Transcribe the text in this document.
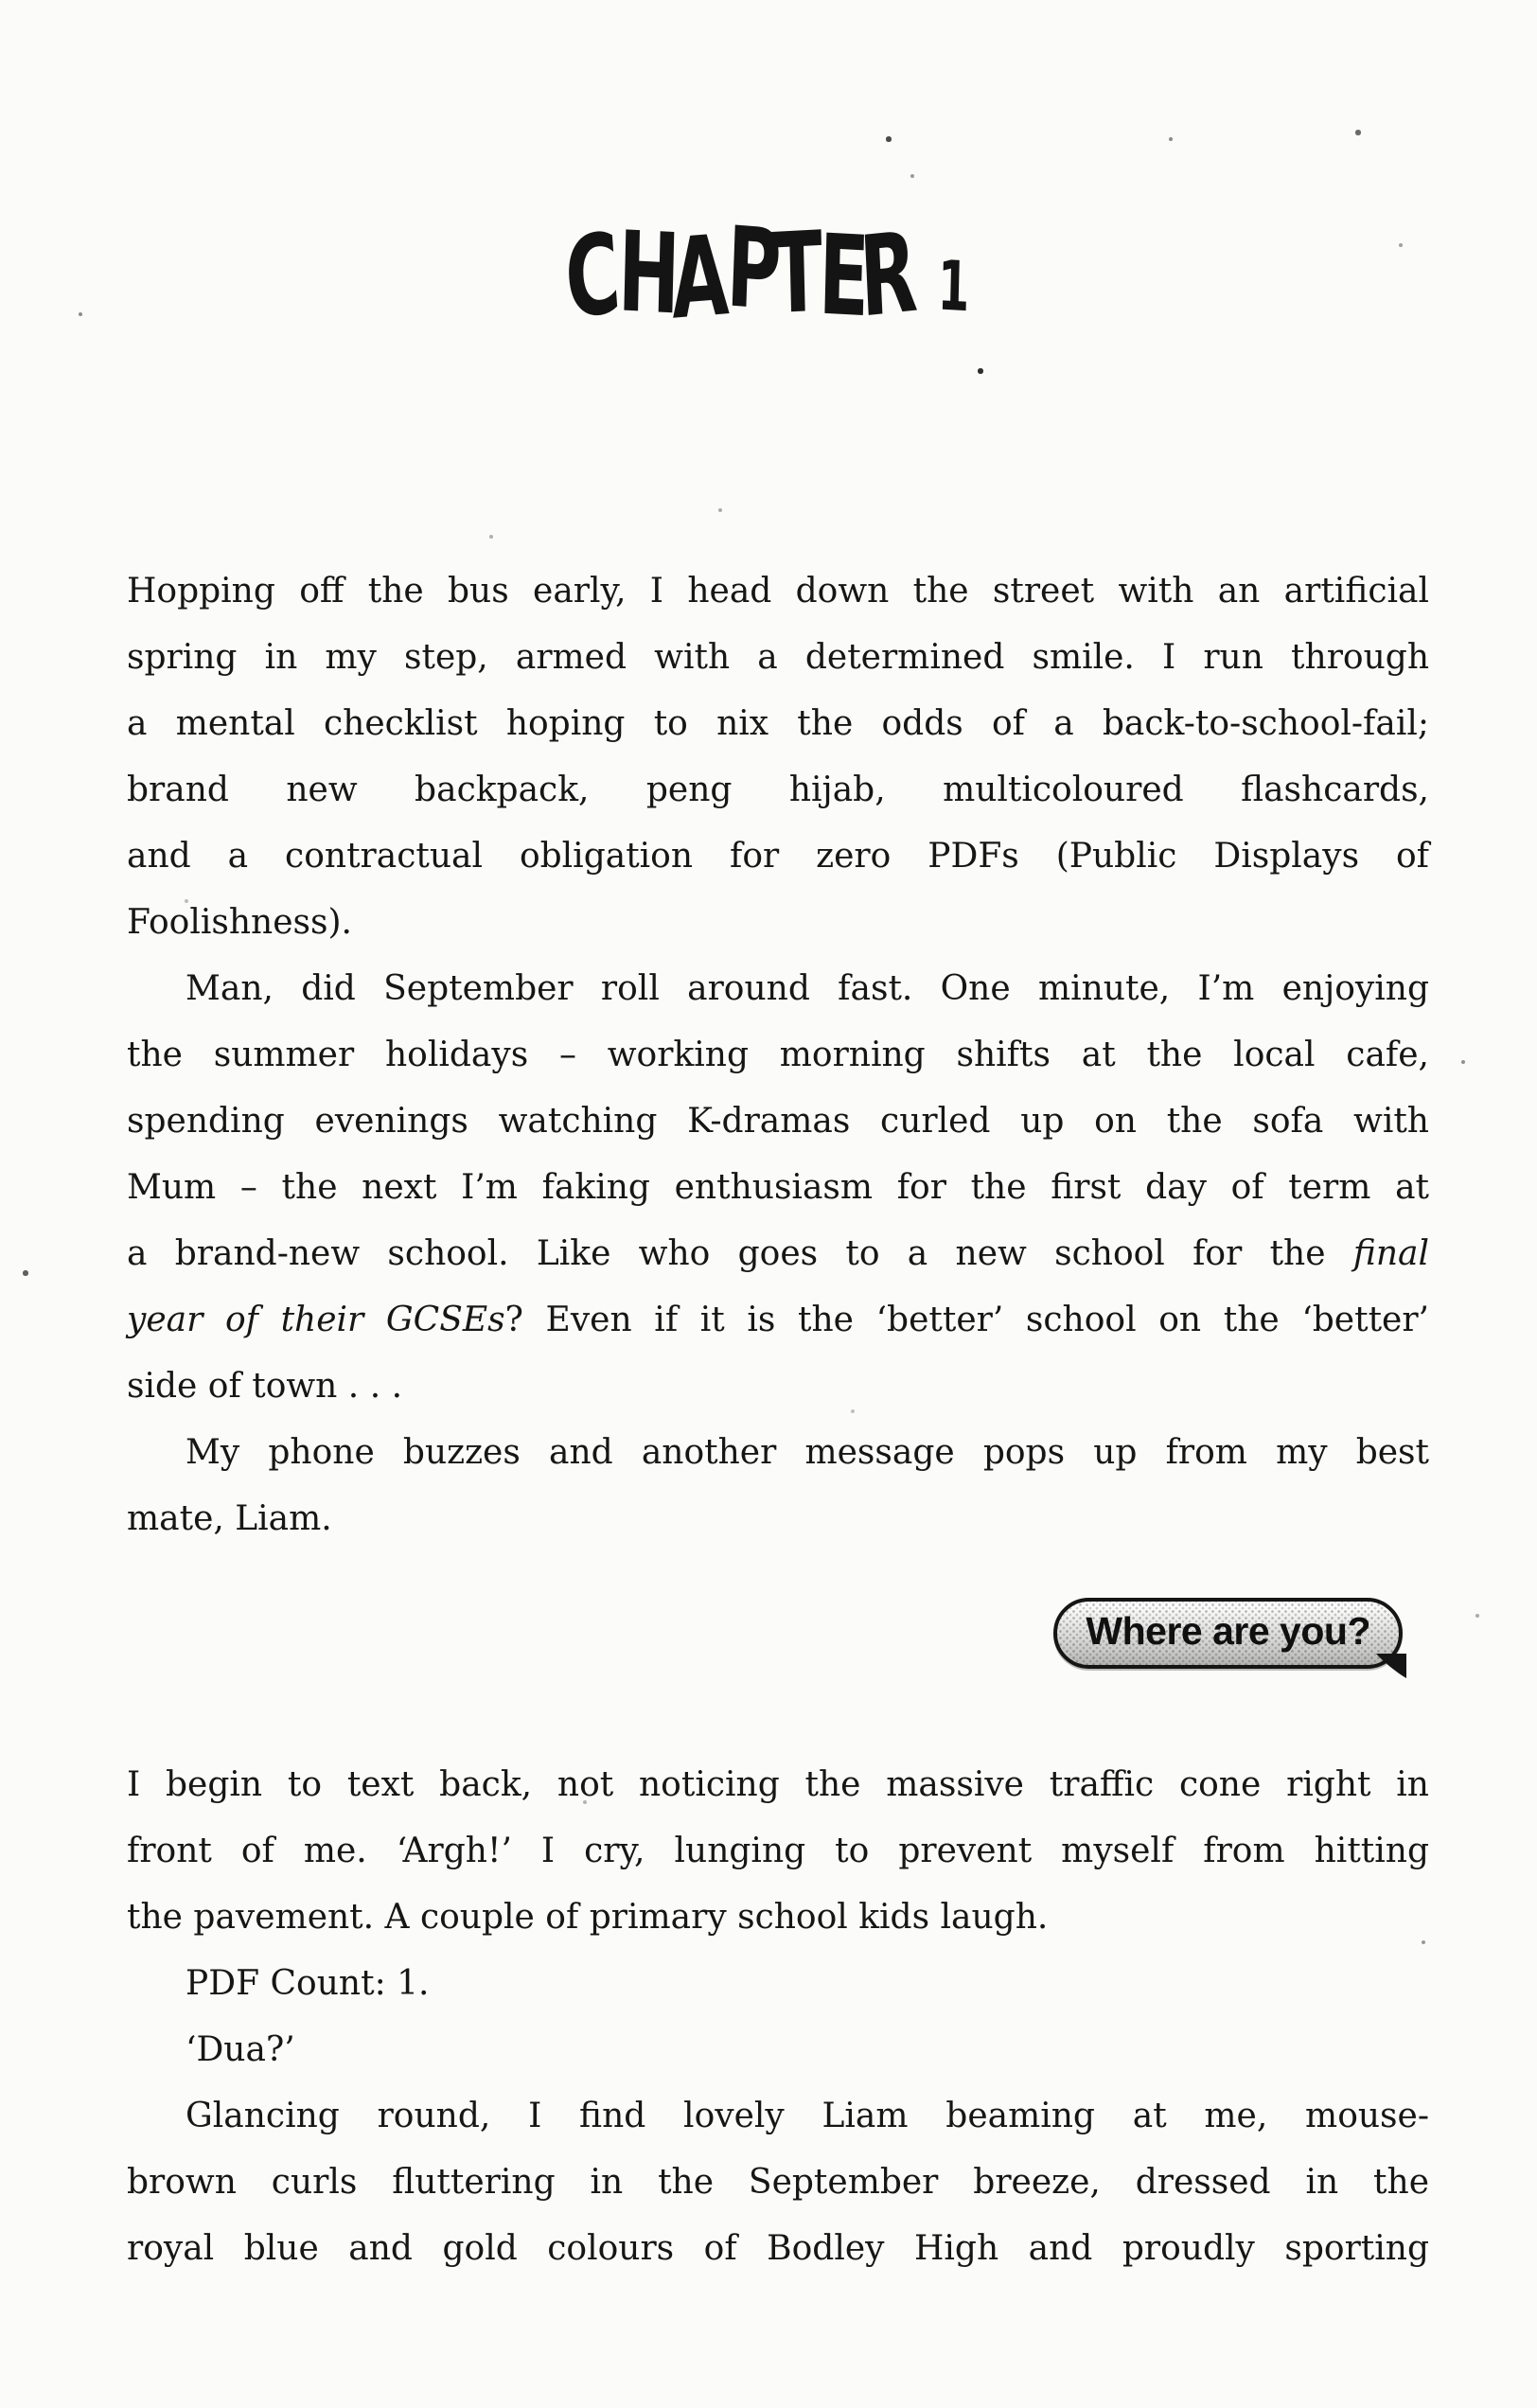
CHAPTER 1
Hopping off the bus early, I head down the street with an artificial
spring in my step, armed with a determined smile. I run through
a mental checklist hoping to nix the odds of a back-to-school-fail;
brand new backpack, peng hijab, multicoloured flashcards,
and a contractual obligation for zero PDFs (Public Displays of
Foolishness).
Man, did September roll around fast. One minute, I’m enjoying
the summer holidays – working morning shifts at the local cafe,
spending evenings watching K-dramas curled up on the sofa with
Mum – the next I’m faking enthusiasm for the first day of term at
a brand-new school. Like who goes to a new school for the final
year of their GCSEs? Even if it is the ‘better’ school on the ‘better’
side of town . . .
My phone buzzes and another message pops up from my best
mate, Liam.
Where are you?
I begin to text back, not noticing the massive traffic cone right in
front of me. ‘Argh!’ I cry, lunging to prevent myself from hitting
the pavement. A couple of primary school kids laugh.
PDF Count: 1.
‘Dua?’
Glancing round, I find lovely Liam beaming at me, mouse-
brown curls fluttering in the September breeze, dressed in the
royal blue and gold colours of Bodley High and proudly sporting
